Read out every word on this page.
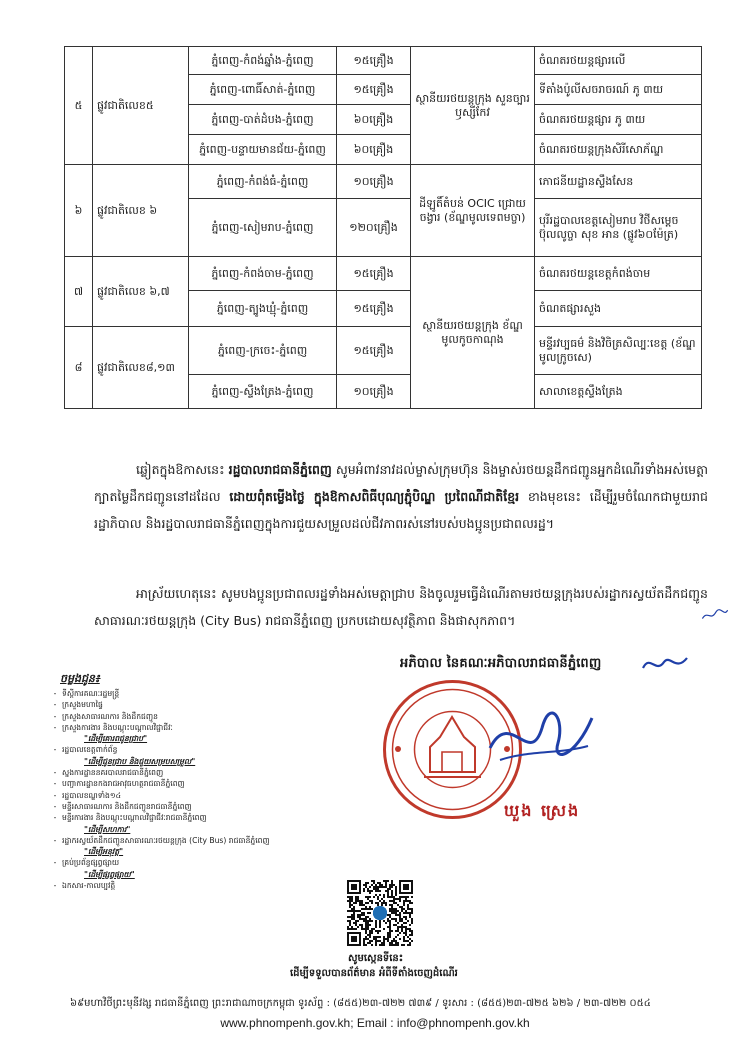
៥	ផ្លូវជាតិលេខ៥	ភ្នំពេញ-កំពង់ឆ្នាំង-ភ្នំពេញ	១៥គ្រឿង	ស្ថានីយរថយន្តក្រុង សួនច្បារឫស្សីកែវ	ចំណតរថយន្តផ្សារលើ
		ភ្នំពេញ-ពោធិ៍សាត់-ភ្នំពេញ	១៥គ្រឿង		ទីតាំងប៉ូលីសចរាចរណ៍ ភូ ៣យ
		ភ្នំពេញ-បាត់ដំបង-ភ្នំពេញ	៦០គ្រឿង		ចំណតរថយន្តផ្សារ ភូ ៣យ
		ភ្នំពេញ-បន្ទាយមានជ័យ-ភ្នំពេញ	៦០គ្រឿង		ចំណតរថយន្តក្រុងសិរីសោភ័ណ្ឌ
៦	ផ្លូវជាតិលេខ ៦	ភ្នំពេញ-កំពង់ធំ-ភ្នំពេញ	១០គ្រឿង	ដីឡូតិ៍តំបន់ OCIC ជ្រោយចង្វារ (ខ័ណ្ឌមូលទេពមច្ចា)	ភោជនីយដ្ឋានស្ទឹងសែន
		ភ្នំពេញ-សៀមរាប-ភ្នំពេញ	១២០គ្រឿង		បុរីរដ្ឋបាលខេត្តសៀមរាប វិថីសម្ដេចប៊ុលលូច្ចា សុខ អាន (ផ្លូវ៦០ម៉ែត្រ)
៧	ផ្លូវជាតិលេខ ៦,៧	ភ្នំពេញ-កំពង់ចាម-ភ្នំពេញ	១៥គ្រឿង	ស្ថានីយរថយន្តក្រុង ខ័ណ្ឌមូលកូចកាណុង	ចំណតរថយន្តខេត្តកំពង់ចាម
		ភ្នំពេញ-ត្បូងឃ្មុំ-ភ្នំពេញ	១៥គ្រឿង		ចំណតផ្សារសួង
៨	ផ្លូវជាតិលេខ៨,១៣	ភ្នំពេញ-ក្រចេះ-ភ្នំពេញ	១៥គ្រឿង		មន្ទីរវប្បធម៌ និងវិចិត្រសិល្បៈខេត្ត (ខ័ណ្ឌមូលក្រូចសេ)
		ភ្នំពេញ-ស្ទឹងត្រែង-ភ្នំពេញ	១០គ្រឿង		សាលាខេត្តស្ទឹងត្រែង

ឆ្លៀតក្នុងឱកាសនេះ រដ្ឋបាលរាជធានីភ្នំពេញ សូមអំពាវនាវដល់ម្ចាស់ក្រុមហ៊ុន និងម្ចាស់រថយន្តដឹកជញ្ជូនអ្នកដំណើរទាំងអស់មេត្តាក្បាតម្លៃដឹកជញ្ជូននៅដដែល ដោយពុំតម្លើងថ្លៃ ក្នុងឱកាសពិធីបុណ្យភ្ជុំបិណ្ឌ ប្រពៃណីជាតិខ្មែរ ខាងមុខនេះ ដើម្បីរួមចំណែកជាមួយរាជរដ្ឋាភិបាល និងរដ្ឋបាលរាជធានីភ្នំពេញក្នុងការជួយសម្រួលដល់ជីវភាពរស់នៅរបស់បងប្អូនប្រជាពលរដ្ឋ។

អាស្រ័យហេតុនេះ សូមបងប្អូនប្រជាពលរដ្ឋទាំងអស់មេត្តាជ្រាប និងចូលរួមធ្វើដំណើរតាមរថយន្តក្រុងរបស់រដ្ឋាករស្វយ័តដឹកជញ្ជូនសាធារណៈរថយន្តក្រុង (City Bus) រាជធានីភ្នំពេញ ប្រកបដោយសុវត្ថិភាព និងផាសុកភាព។

អភិបាល នៃគណៈអភិបាលរាជធានីភ្នំពេញ
ឃួង ស្រេង
ចម្លងជូន៖
- ទីស្ដីការគណៈរដ្ឋមន្ត្រី
- ក្រសួងមហាផ្ទៃ
- ក្រសួងសាធារណការ និងដឹកជញ្ជូន
- ក្រសួងការងារ និងបណ្ដុះបណ្ដាលវិជ្ជាជីវៈ
"ដើម្បីគោរពជូនជ្រាប"
- រដ្ឋបាលខេត្តពាក់ព័ន្ធ
"ដើម្បីជូនជ្រាប និងជួយសម្របសម្រួល"
- ស្នងការដ្ឋាននគរបាលរាជធានីភ្នំពេញ
- បញ្ជាការដ្ឋានកងរាជអាវុធហត្ថរាជធានីភ្នំពេញ
- រដ្ឋបាលខណ្ឌទាំង១៤
- មន្ទីរសាធារណការ និងដឹកជញ្ជូនរាជធានីភ្នំពេញ
- មន្ទីរការងារ និងបណ្ដុះបណ្ដាលវិជ្ជាជីវៈរាជធានីភ្នំពេញ
"ដើម្បីសហការ"
- រដ្ឋាករស្វយ័តដឹកជញ្ជូនសាធារណៈរថយន្តក្រុង (City Bus) រាជធានីភ្នំពេញ
"ដើម្បីអនុវត្ត"
- គ្រប់ប្រព័ន្ធផ្សព្វផ្សាយ
"ដើម្បីផ្សព្វផ្សាយ"
- ឯកសារ-កាលប្បវត្តិ
សូមស្កេនទីនេះ
ដើម្បីទទួលបានព័ត៌មាន អំពីទីតាំងចេញដំណើរ
៦៩មហាវិថីព្រះមុនីវង្ស រាជធានីភ្នំពេញ ព្រះរាជាណាចក្រកម្ពុជា ទូរស័ព្ទ : (៨៥៥)២៣-៧២២ ៧៣៩ / ទូរសារ : (៨៥៥)២៣-៧២៥ ៦២៦ / ២៣-៧២២ ០៥៤
www.phnompenh.gov.kh; Email : info@phnompenh.gov.kh
